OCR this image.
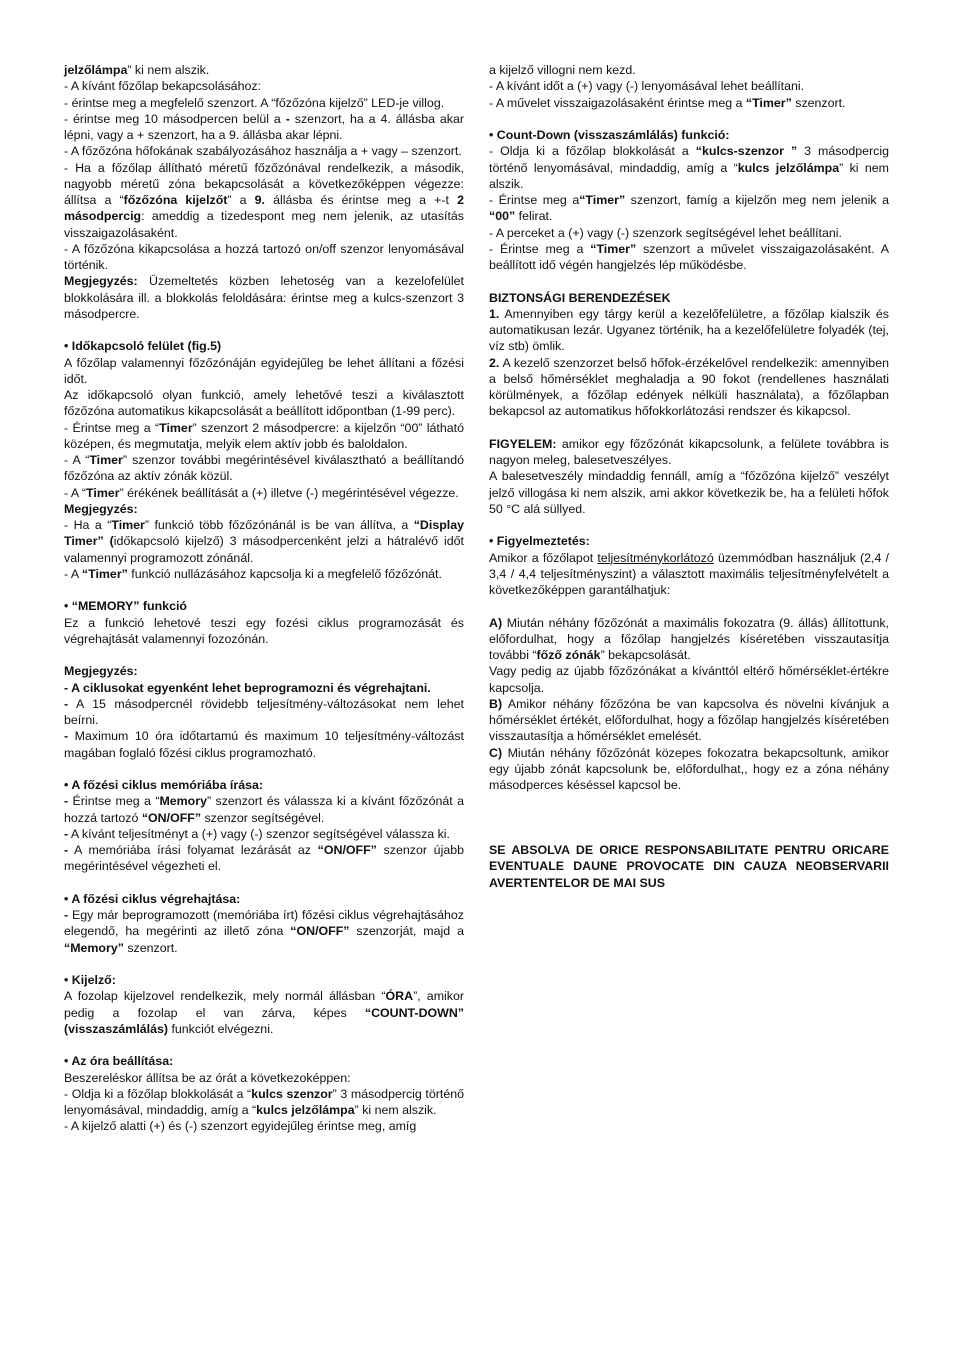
jelzőlámpa” ki nem alszik.

- A kívánt főzőlap bekapcsolásához:

- érintse meg a megfelelő szenzort. A “főzőzóna kijelző” LED-je villog.

- érintse meg 10 másodpercen belül a - szenzort, ha a 4. állásba akar lépni, vagy a + szenzort, ha a 9. állásba akar lépni.

- A főzőzóna hőfokának szabályozásához használja a + vagy – szenzort.

- Ha a főzőlap állítható méretű főzőzónával rendelkezik, a második, nagyobb méretű zóna bekapcsolását a következőképpen végezze: állítsa a “főzőzóna kijelzőt” a 9. állásba és érintse meg a +-t 2 másodpercig: ameddig a tizedespont meg nem jelenik, az utasítás visszaigazolásaként.

- A főzőzóna kikapcsolása a hozzá tartozó on/off szenzor lenyomásával történik.

Megjegyzés: Üzemeltetés közben lehetoség van a kezelofelület blokkolására ill. a blokkolás feloldására: érintse meg a kulcs-szenzort 3 másodpercre.

• Időkapcsoló felület (fig.5)

A főzőlap valamennyi főzőzónáján egyidejűleg be lehet állítani a főzési időt.

Az időkapcsoló olyan funkció, amely lehetővé teszi a kiválasztott főzőzóna automatikus kikapcsolását a beállított időpontban (1-99 perc).

- Érintse meg a “Timer” szenzort 2 másodpercre: a kijelzőn “00” látható középen, és megmutatja, melyik elem aktív jobb és baloldalon.

- A “Timer” szenzor további megérintésével kiválasztható a beállítandó főzőzóna az aktív zónák közül.

- A “Timer” érékének beállítását a (+) illetve (-) megérintésével végezze.

Megjegyzés:

- Ha a “Timer” funkció több főzőzónánál is be van állítva, a “Display Timer” (időkapcsoló kijelző) 3 másodpercenként jelzi a hátralévő időt valamennyi programozott zónánál.

- A “Timer” funkció nullázásához kapcsolja ki a megfelelő főzőzónát.

• “MEMORY” funkció

Ez a funkció lehetové teszi egy fozési ciklus programozását és végrehajtását valamennyi fozozónán.

Megjegyzés:

- A ciklusokat egyenként lehet beprogramozni és végrehajtani.

- A 15 másodpercnél rövidebb teljesítmény-változásokat nem lehet beírni.

- Maximum 10 óra időtartamú és maximum 10 teljesítmény-változást magában foglaló főzési ciklus programozható.

• A főzési ciklus memóriába írása:

- Érintse meg a “Memory” szenzort és válassza ki a kívánt főzőzónát a hozzá tartozó “ON/OFF” szenzor segítségével.

- A kívánt teljesítményt a (+) vagy (-) szenzor segítségével válassza ki.

- A memóriába írási folyamat lezárását az “ON/OFF” szenzor újabb megérintésével végezheti el.

• A főzési ciklus végrehajtása:

- Egy már beprogramozott (memóriába írt) főzési ciklus végrehajtásához elegendő, ha megérinti az illető zóna “ON/OFF” szenzorját, majd a “Memory” szenzort.

• Kijelző:

A fozolap kijelzovel rendelkezik, mely normál állásban “ÓRA”, amikor pedig a fozolap el van zárva, képes “COUNT-DOWN” (visszaszámlálás) funkciót elvégezni.

• Az óra beállítása:

Beszereléskor állítsa be az órát a következoképpen:

- Oldja ki a főzőlap blokkolását a “kulcs szenzor” 3 másodpercig történő lenyomásával, mindaddig, amíg a “kulcs jelzőlámpa” ki nem alszik.

- A kijelző alatti (+) és (-) szenzort egyidejűleg érintse meg, amíg

a kijelző villogni nem kezd.

- A kívánt időt a (+) vagy (-) lenyomásával lehet beállítani.

- A művelet visszaigazolásaként érintse meg a “Timer” szenzort.

• Count-Down (visszaszámlálás) funkció:

- Oldja ki a főzőlap blokkolását a “kulcs-szenzor ” 3 másodpercig történő lenyomásával, mindaddig, amíg a “kulcs jelzőlámpa” ki nem alszik.

- Érintse meg a“Timer” szenzort, famíg a kijelzőn meg nem jelenik a “00” felirat.

- A perceket a (+) vagy (-) szenzork segítségével lehet beállítani.

- Érintse meg a “Timer” szenzort a művelet visszaigazolásaként. A beállított idő végén hangjelzés lép működésbe.

BIZTONSÁGI BERENDEZÉSEK

1. Amennyiben egy tárgy kerül a kezelőfelületre, a főzőlap kialszik és automatikusan lezár. Ugyanez történik, ha a kezelőfelületre folyadék (tej, víz stb) ömlik.

2. A kezelő szenzorzet belső hőfok-érzékelővel rendelkezik: amennyiben a belső hőmérséklet meghaladja a 90 fokot (rendellenes használati körülmények, a főzőlap edények nélküli használata), a főzőlapban bekapcsol az automatikus hőfokkorlátozási rendszer és kikapcsol.

FIGYELEM: amikor egy főzőzónát kikapcsolunk, a felülete továbbra is nagyon meleg, balesetveszélyes.

A balesetveszély mindaddig fennáll, amíg a “főzőzóna kijelző” veszélyt jelző villogása ki nem alszik, ami akkor következik be, ha a felületi hőfok 50 °C alá süllyed.

• Figyelmeztetés:

Amikor a főzőlapot teljesítménykorlátozó üzemmódban használjuk (2,4 / 3,4 / 4,4 teljesítményszint) a választott maximális teljesítményfelvételt a következőképpen garantálhatjuk:

A) Miután néhány főzőzónát a maximális fokozatra (9. állás) állítottunk, előfordulhat, hogy a főzőlap hangjelzés kíséretében visszautasítja további “főző zónák” bekapcsolását.

Vagy pedig az újabb főzőzónákat a kívánttól eltérő hőmérséklet-értékre kapcsolja.

B) Amikor néhány főzőzóna be van kapcsolva és növelni kívánjuk a hőmérséklet értékét, előfordulhat, hogy a főzőlap hangjelzés kíséretében visszautasítja a hőmérséklet emelését.

C) Miután néhány főzőzónát közepes fokozatra bekapcsoltunk, amikor egy újabb zónát kapcsolunk be, előfordulhat,, hogy ez a zóna néhány másodperces késéssel kapcsol be.

SE ABSOLVA DE ORICE RESPONSABILITATE PENTRU ORICARE EVENTUALE DAUNE PROVOCATE DIN CAUZA NEOBSERVARII AVERTENTELOR DE MAI SUS
